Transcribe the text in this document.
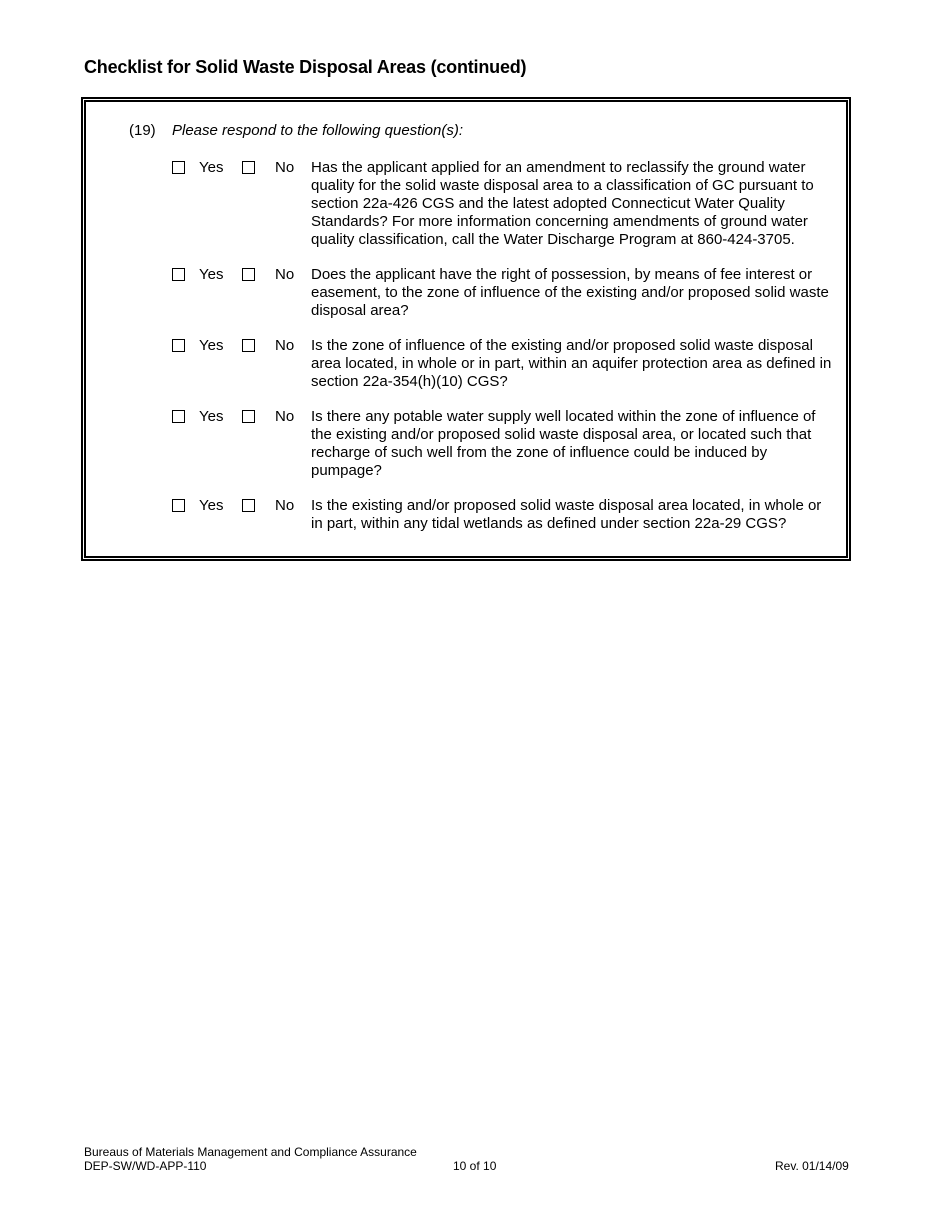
Checklist for Solid Waste Disposal Areas (continued)
(19) Please respond to the following question(s):
Yes	No Has the applicant applied for an amendment to reclassify the ground water quality for the solid waste disposal area to a classification of GC pursuant to section 22a-426 CGS and the latest adopted Connecticut Water Quality Standards? For more information concerning amendments of ground water quality classification, call the Water Discharge Program at 860-424-3705.
Yes	No Does the applicant have the right of possession, by means of fee interest or easement, to the zone of influence of the existing and/or proposed solid waste disposal area?
Yes	No Is the zone of influence of the existing and/or proposed solid waste disposal area located, in whole or in part, within an aquifer protection area as defined in section 22a-354(h)(10) CGS?
Yes	No Is there any potable water supply well located within the zone of influence of the existing and/or proposed solid waste disposal area, or located such that recharge of such well from the zone of influence could be induced by pumpage?
Yes	No Is the existing and/or proposed solid waste disposal area located, in whole or in part, within any tidal wetlands as defined under section 22a-29 CGS?
Bureaus of Materials Management and Compliance Assurance
DEP-SW/WD-APP-110	10 of 10	Rev. 01/14/09
